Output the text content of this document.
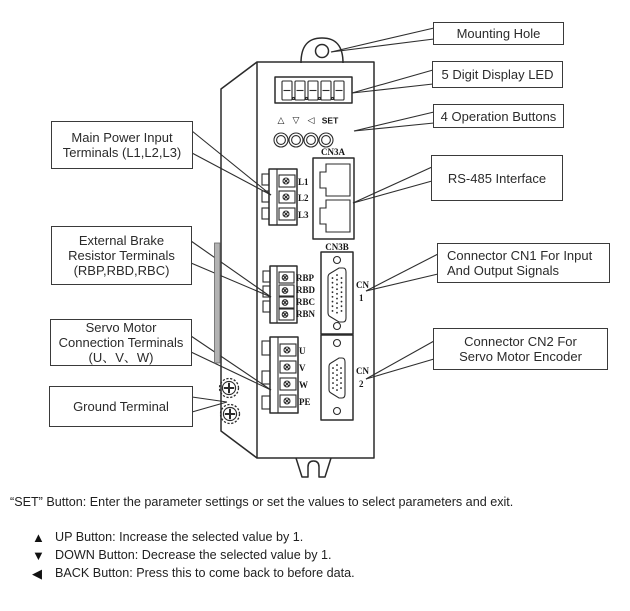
△ ▽ ◁ SET
CN3A
CN3B
CN
1
CN
2
L1
L2
L3
RBP
RBD
RBC
RBN
U
V
W
PE
Main Power Input
Terminals (L1,L2,L3)
External Brake
Resistor Terminals
(RBP,RBD,RBC)
Servo Motor
Connection Terminals
(U、V、W)
Ground Terminal
Mounting Hole
5 Digit Display LED
4 Operation Buttons
RS-485 Interface
Connector CN1 For Input
And Output Signals
Connector CN2 For
Servo Motor Encoder
“SET” Button: Enter the parameter settings or set the values to select parameters and exit.
▲ UP Button: Increase the selected value by 1.
▼ DOWN Button: Decrease the selected value by 1.
◀	BACK Button: Press this to come back to before data.
